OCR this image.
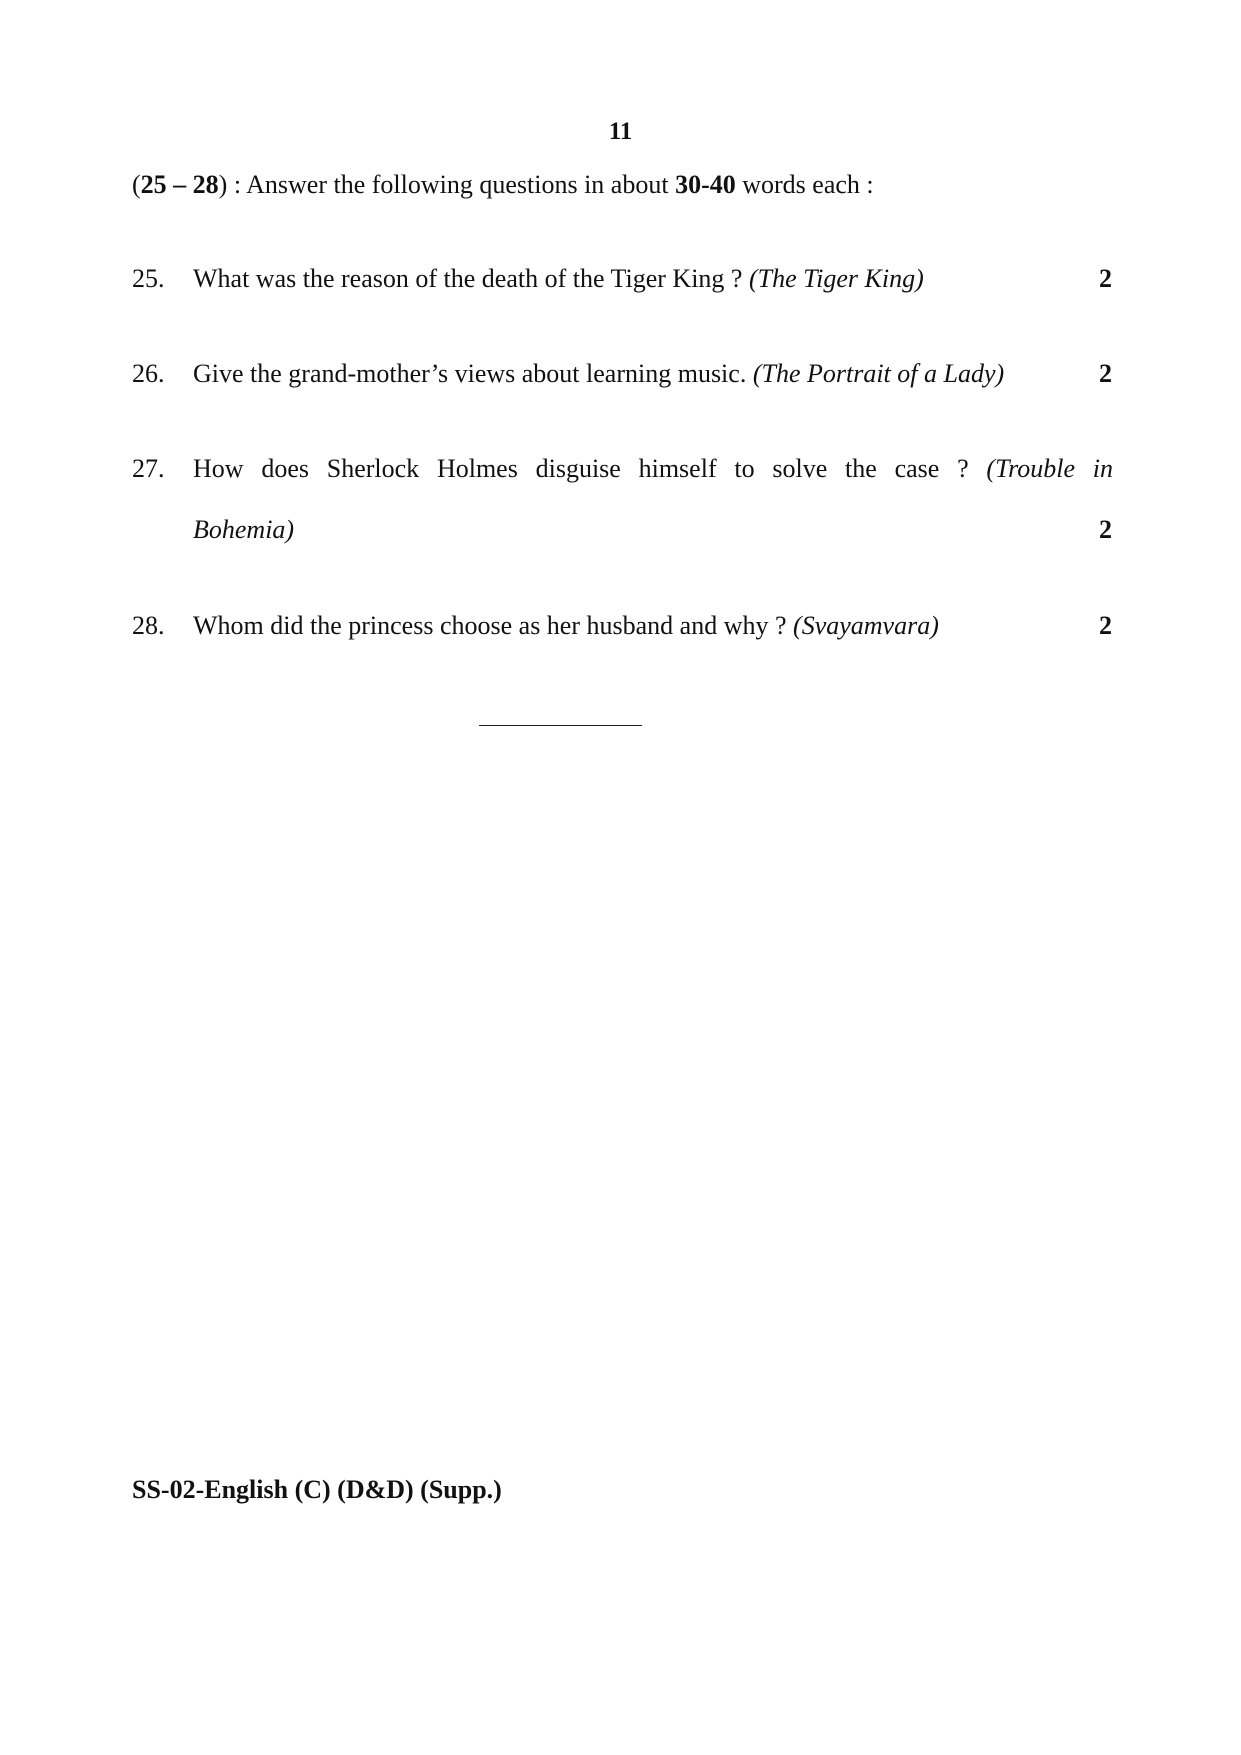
11
(25 – 28) : Answer the following questions in about 30-40 words each :
25. What was the reason of the death of the Tiger King ? (The Tiger King)	2
26. Give the grand-mother’s views about learning music. (The Portrait of a Lady)	2
27. How does Sherlock Holmes disguise himself to solve the case ? (Trouble in
Bohemia)	2
28. Whom did the princess choose as her husband and why ? (Svayamvara)	2
SS-02-English (C) (D&D) (Supp.)
